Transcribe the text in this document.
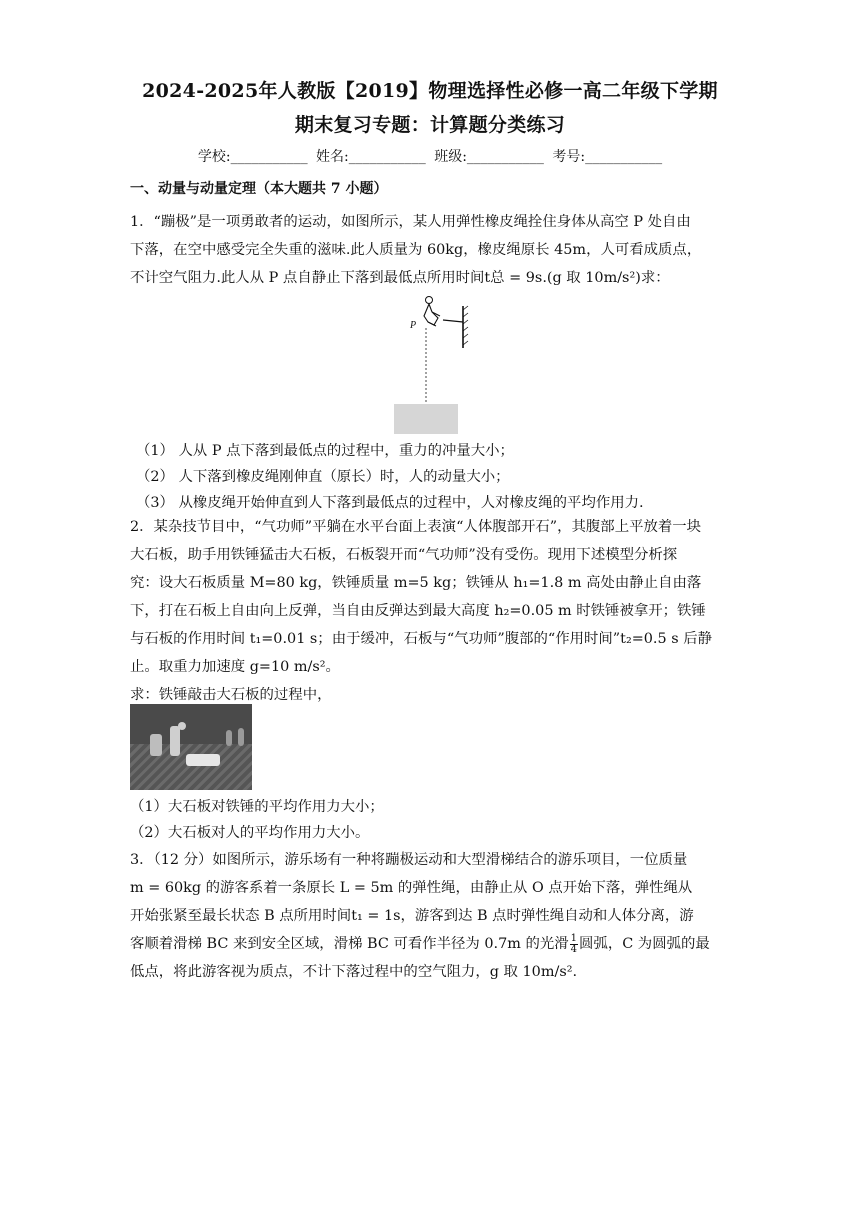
2024-2025年人教版【2019】物理选择性必修一高二年级下学期
期末复习专题：计算题分类练习
学校:___________ 姓名:___________ 班级:___________ 考号:___________
一、动量与动量定理（本大题共 7 小题）
1．“蹦极”是一项勇敢者的运动，如图所示，某人用弹性橡皮绳拴住身体从高空 P 处自由
下落，在空中感受完全失重的滋味.此人质量为 60kg，橡皮绳原长 45m，人可看成质点，
不计空气阻力.此人从 P 点自静止下落到最低点所用时间t总 = 9s.(g 取 10m/s²)求：
P
（1） 人从 P 点下落到最低点的过程中，重力的冲量大小；
（2） 人下落到橡皮绳刚伸直（原长）时，人的动量大小；
（3） 从橡皮绳开始伸直到人下落到最低点的过程中，人对橡皮绳的平均作用力.
2．某杂技节目中，“气功师”平躺在水平台面上表演“人体腹部开石”，其腹部上平放着一块
大石板，助手用铁锤猛击大石板，石板裂开而“气功师”没有受伤。现用下述模型分析探
究：设大石板质量 M=80 kg，铁锤质量 m=5 kg；铁锤从 h₁=1.8 m 高处由静止自由落
下，打在石板上自由向上反弹，当自由反弹达到最大高度 h₂=0.05 m 时铁锤被拿开；铁锤
与石板的作用时间 t₁=0.01 s；由于缓冲，石板与“气功师”腹部的“作用时间”t₂=0.5 s 后静
止。取重力加速度 g=10 m/s²。
求：铁锤敲击大石板的过程中，
（1）大石板对铁锤的平均作用力大小；
（2）大石板对人的平均作用力大小。
3．（12 分）如图所示，游乐场有一种将蹦极运动和大型滑梯结合的游乐项目，一位质量
m = 60kg 的游客系着一条原长 L = 5m 的弹性绳，由静止从 O 点开始下落，弹性绳从
开始张紧至最长状态 B 点所用时间t₁ = 1s，游客到达 B 点时弹性绳自动和人体分离，游
客顺着滑梯 BC 来到安全区域，滑梯 BC 可看作半径为 0.7m 的光滑 $\frac{1}{4}$ 圆弧，C 为圆弧的最
低点，将此游客视为质点，不计下落过程中的空气阻力，g 取 10m/s².
